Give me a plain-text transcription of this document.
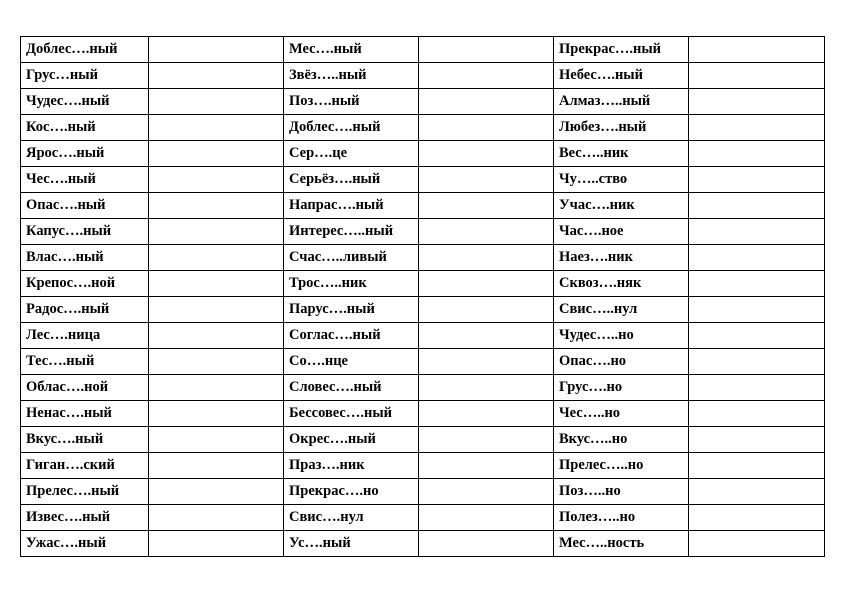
Доблес….ный		Мес….ный		Прекрас….ный	
Грус…ный		Звёз…..ный		Небес….ный	
Чудес….ный		Поз….ный		Алмаз…..ный	
Кос….ный		Доблес….ный		Любез….ный	
Ярос….ный		Сер….це		Вес…..ник	
Чес….ный		Серьёз….ный		Чу…..ство	
Опас….ный		Напрас….ный		Учас….ник	
Капус….ный		Интерес…..ный		Час….ное	
Влас….ный		Счас…..ливый		Наез….ник	
Крепос….ной		Трос…..ник		Сквоз….няк	
Радос….ный		Парус….ный		Свис…..нул	
Лес….ница		Соглас….ный		Чудес…..но	
Тес….ный		Со….нце		Опас….но	
Облас….ной		Словес….ный		Грус….но	
Ненас….ный		Бессовес….ный		Чес…..но	
Вкус….ный		Окрес….ный		Вкус…..но	
Гиган….ский		Праз….ник		Прелес…..но	
Прелес….ный		Прекрас….но		Поз…..но	
Извес….ный		Свис….нул		Полез…..но	
Ужас….ный		Ус….ный		Мес…..ность	
